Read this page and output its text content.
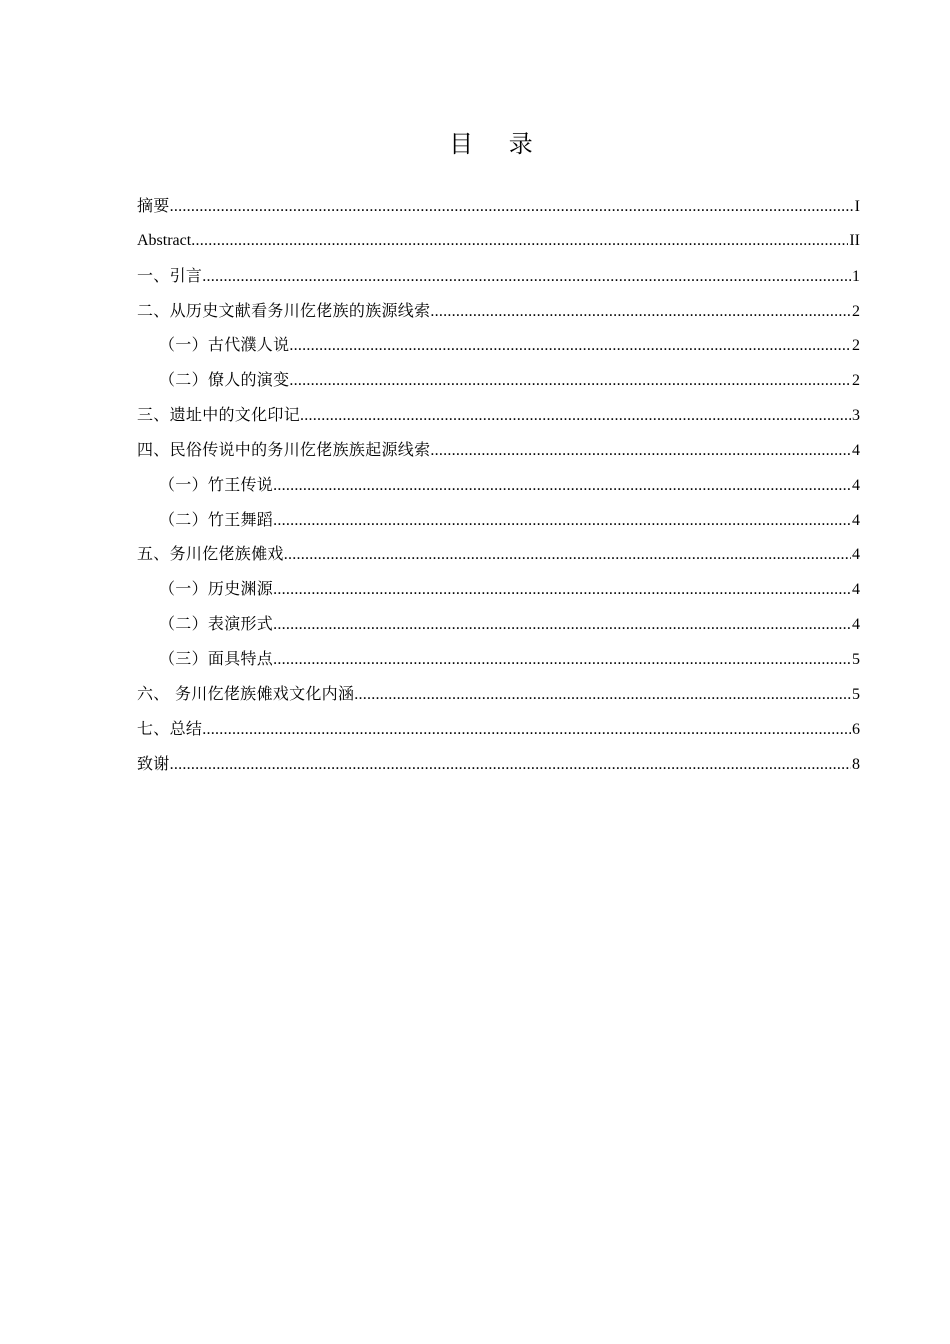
目 录
摘要 .....	I
Abstract .....	II
一、引言 .....	1
二、从历史文献看务川仡佬族的族源线索 .....	2
（一）古代濮人说 .....	2
（二）僚人的演变 .....	2
三、遗址中的文化印记 .....	3
四、民俗传说中的务川仡佬族族起源线索 .....	4
（一）竹王传说 .....	4
（二）竹王舞蹈 .....	4
五、务川仡佬族傩戏 .....	4
（一）历史渊源 .....	4
（二）表演形式 .....	4
（三）面具特点 .....	5
六、 务川仡佬族傩戏文化内涵 .....	5
七、总结 .....	6
致谢 .....	8
